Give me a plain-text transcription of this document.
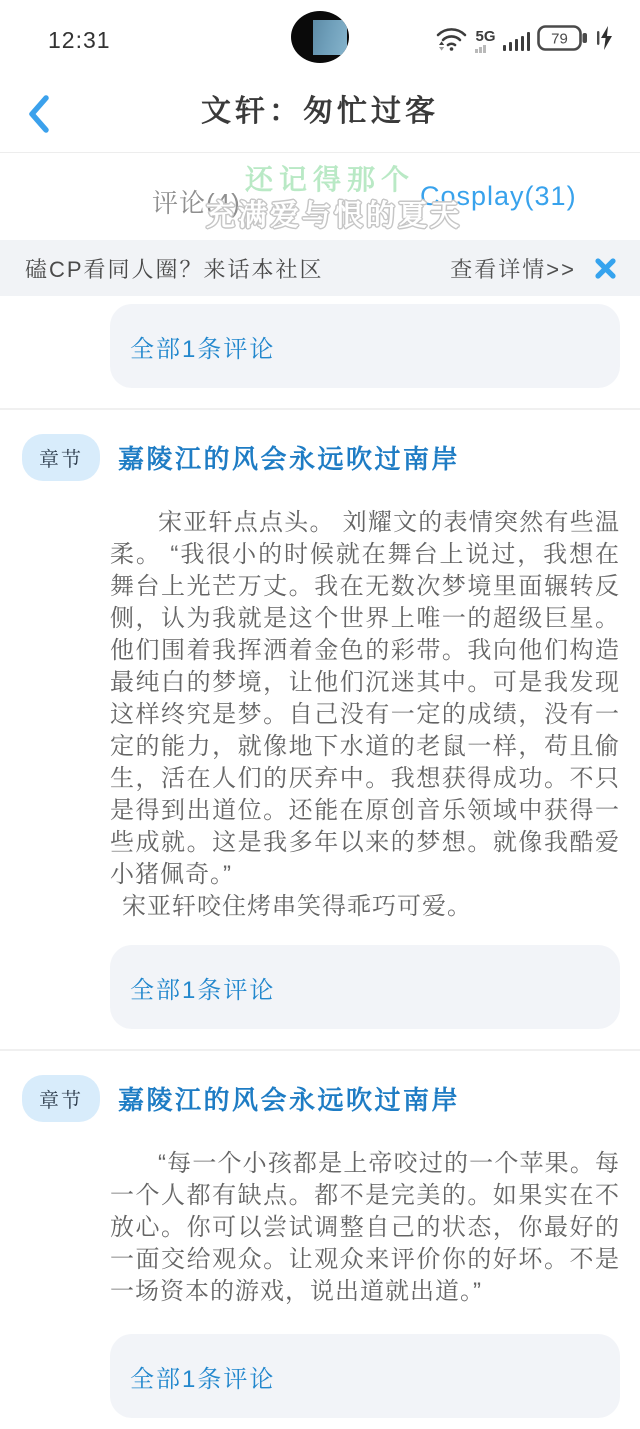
12:31	5G	79
文轩：匆忙过客
评论(4)	Cosplay(31)
还记得那个
充满爱与恨的夏天
磕CP看同人圈？来话本社区	查看详情>>
全部1条评论
章节	嘉陵江的风会永远吹过南岸

宋亚轩点点头。 刘耀文的表情突然有些温柔。 “我很小的时候就在舞台上说过，我想在舞台上光芒万丈。我在无数次梦境里面辗转反侧，认为我就是这个世界上唯一的超级巨星。他们围着我挥洒着金色的彩带。我向他们构造最纯白的梦境，让他们沉迷其中。可是我发现这样终究是梦。自己没有一定的成绩，没有一定的能力，就像地下水道的老鼠一样，苟且偷生，活在人们的厌弃中。我想获得成功。不只是得到出道位。还能在原创音乐领域中获得一些成就。这是我多年以来的梦想。就像我酷爱小猪佩奇。”

宋亚轩咬住烤串笑得乖巧可爱。

全部1条评论
章节	嘉陵江的风会永远吹过南岸

“每一个小孩都是上帝咬过的一个苹果。每一个人都有缺点。都不是完美的。如果实在不放心。你可以尝试调整自己的状态，你最好的一面交给观众。让观众来评价你的好坏。不是一场资本的游戏，说出道就出道。”

全部1条评论
